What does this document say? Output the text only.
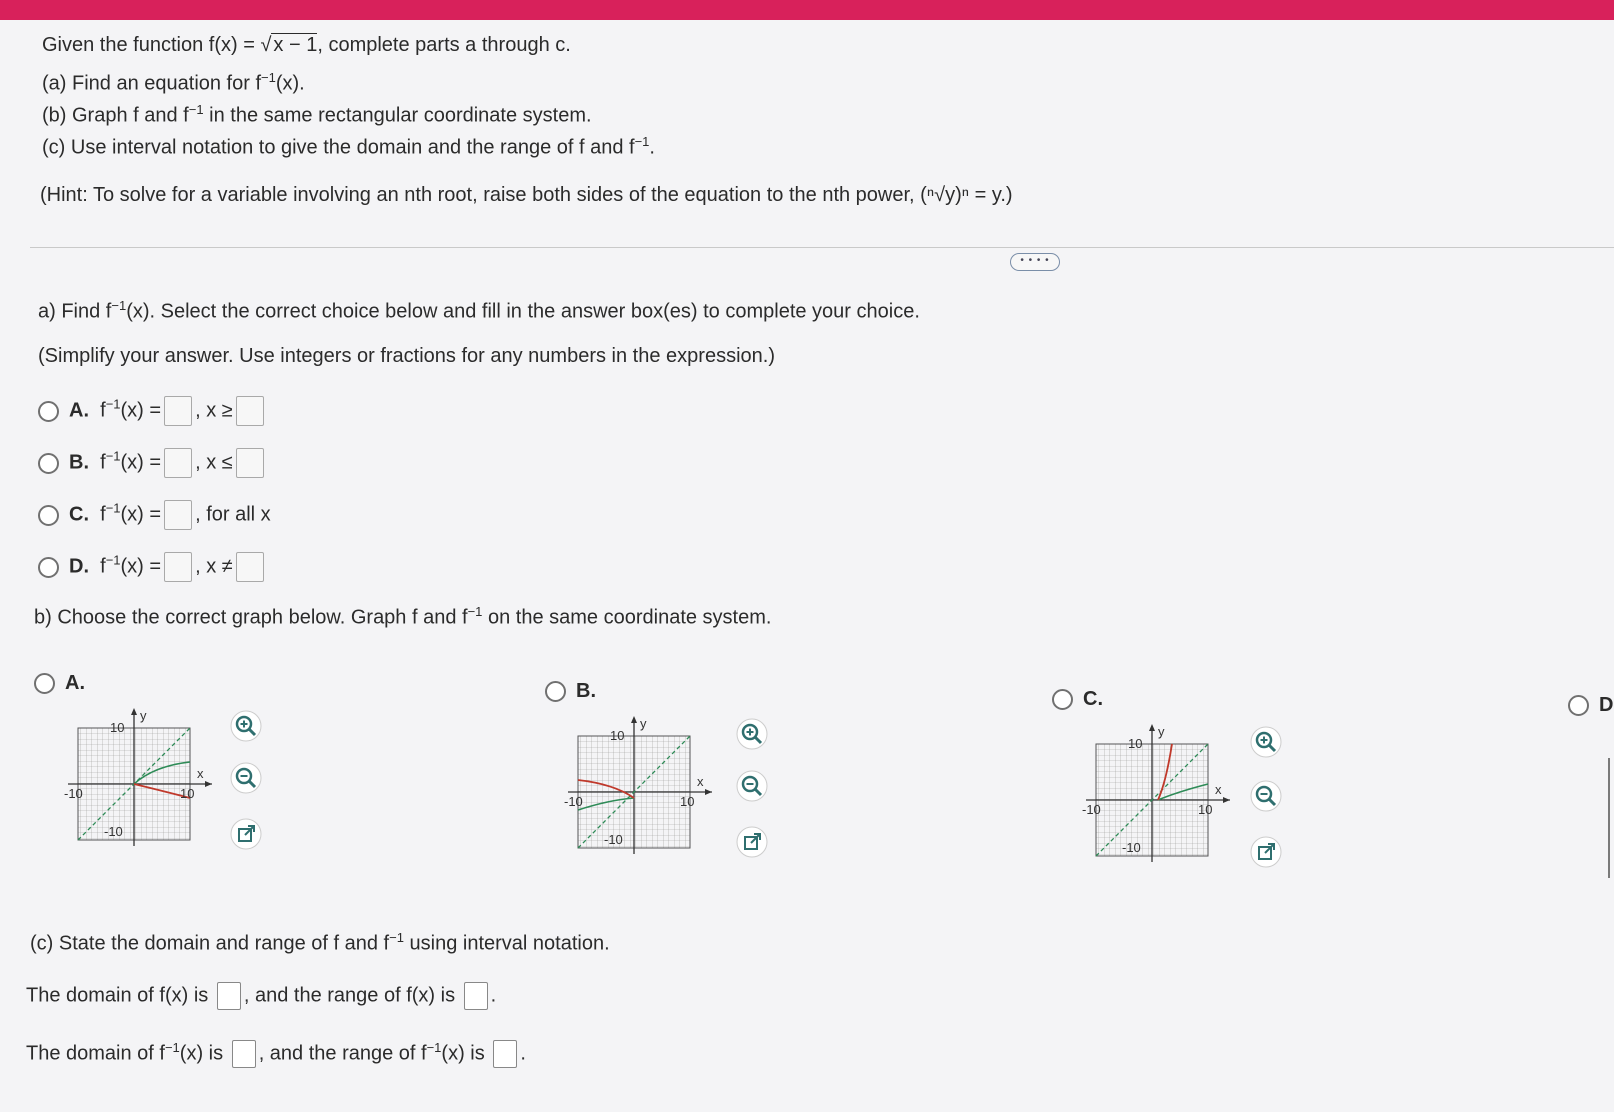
Given the function f(x) = √ x − 1, complete parts a through c.
(a) Find an equation for $f^{-1}(x)$.
(b) Graph f and $f^{-1}$ in the same rectangular coordinate system.
(c) Use interval notation to give the domain and the range of f and $f^{-1}$.
(Hint: To solve for a variable involving an nth root, raise both sides of the equation to the nth power, (ⁿ√y)ⁿ = y.)
• • • •
a) Find $f^{-1}(x)$. Select the correct choice below and fill in the answer box(es) to complete your choice.
(Simplify your answer. Use integers or fractions for any numbers in the expression.)
A. $f^{-1}(x)$ = , x ≥
B. $f^{-1}(x)$ = , x ≤
C. $f^{-1}(x)$ = , for all x
D. $f^{-1}(x)$ = , x ≠
b) Choose the correct graph below. Graph f and $f^{-1}$ on the same coordinate system.
A.	B.	C.	D
y
x
10
-10	10
-10
y
x
10
-10	10
-10
y
x
10
-10	10
-10
(c) State the domain and range of f and $f^{-1}$ using interval notation.
The domain of f(x) is , and the range of f(x) is .
The domain of $f^{-1}(x)$ is , and the range of $f^{-1}(x)$ is .
